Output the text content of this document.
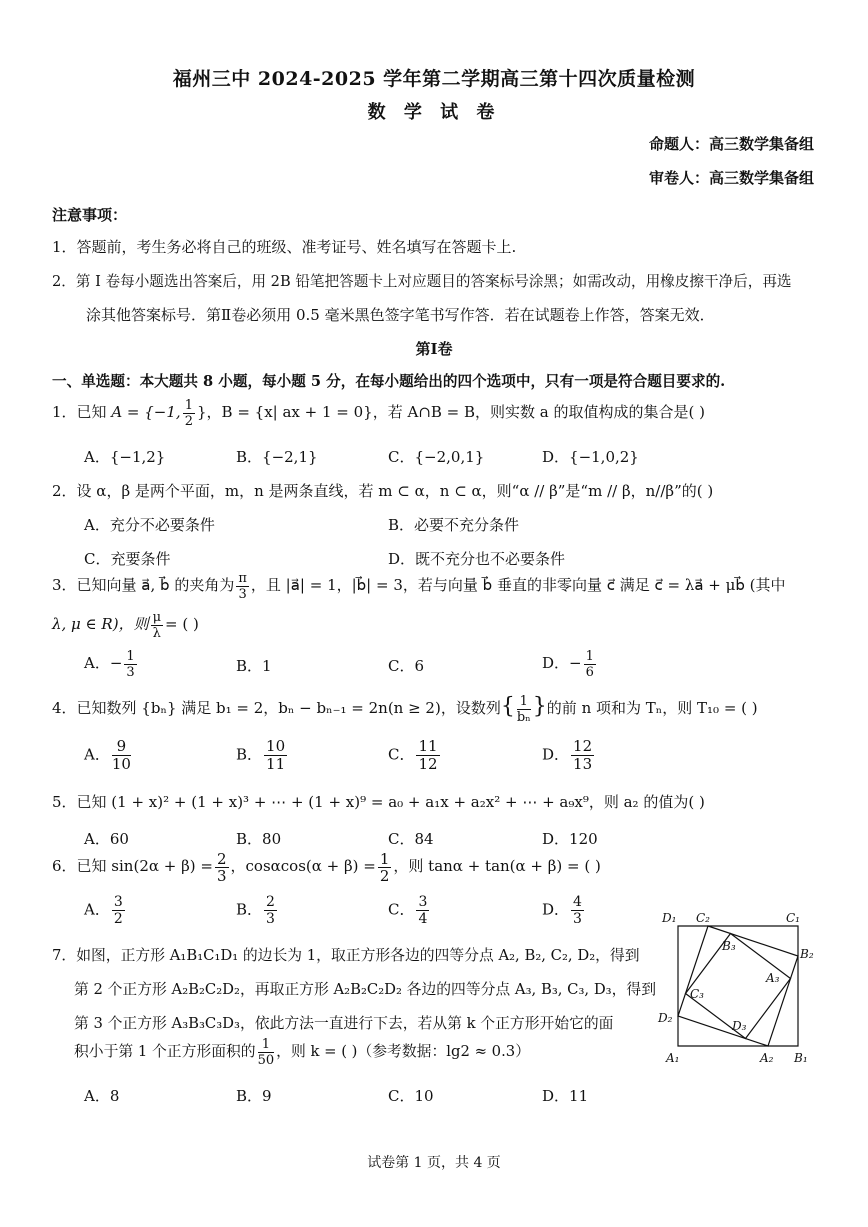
福州三中 2024-2025 学年第二学期高三第十四次质量检测
数 学 试 卷
命题人：高三数学集备组
审卷人：高三数学集备组
注意事项：
1．答题前，考生务必将自己的班级、准考证号、姓名填写在答题卡上.
2．第 Ⅰ 卷每小题选出答案后，用 2B 铅笔把答题卡上对应题目的答案标号涂黑；如需改动，用橡皮擦干净后，再选
涂其他答案标号．第Ⅱ卷必须用 0.5 毫米黑色签字笔书写作答．若在试题卷上作答，答案无效．
第Ⅰ卷
一、单选题：本大题共 8 小题，每小题 5 分，在每小题给出的四个选项中，只有一项是符合题目要求的.
1．已知 A = {−1, $\frac{1}{2}$ }，B = {x| ax + 1 = 0}，若 A∩B = B，则实数 a 的取值构成的集合是( )
A．{−1,2}	B．{−2,1}	C．{−2,0,1}	D．{−1,0,2}
2．设 α，β 是两个平面，m，n 是两条直线，若 m ⊂ α，n ⊂ α，则“α // β”是“m // β，n//β”的( )
A．充分不必要条件	B．必要不充分条件
C．充要条件	D．既不充分也不必要条件
3．已知向量 a⃗, b⃗ 的夹角为 $\frac{\pi}{3}$ ，且 |a⃗| = 1，|b⃗| = 3，若与向量 b⃗ 垂直的非零向量 c⃗ 满足 c⃗ = λa⃗ + μb⃗ (其中
λ, μ ∈ R)，则 $\frac{\mu}{\lambda}$ = ( )
A．− $\frac{1}{3}$	B．1	C．6	D．− $\frac{1}{6}$
4．已知数列 {bₙ} 满足 b₁ = 2，bₙ − bₙ₋₁ = 2n(n ≥ 2)，设数列{ $\frac{1}{\text{bₙ}}$ }的前 n 项和为 Tₙ，则 T₁₀ = ( )
A． $\frac{9}{10}$	B． $\frac{10}{11}$	C． $\frac{11}{12}$	D． $\frac{12}{13}$
5．已知 (1 + x)² + (1 + x)³ + ⋯ + (1 + x)⁹ = a₀ + a₁x + a₂x² + ⋯ + a₉x⁹，则 a₂ 的值为( )
A．60	B．80	C．84	D．120
6．已知 $\sin(2\alpha + \beta) = \frac{2}{3}$ ，$\cos\alpha\cos(\alpha + \beta) = \frac{1}{2}$ ，则 tanα + tan(α + β) = ( )
A． $\frac{3}{2}$	B． $\frac{2}{3}$	C． $\frac{3}{4}$	D． $\frac{4}{3}$
7．如图，正方形 A₁B₁C₁D₁ 的边长为 1，取正方形各边的四等分点 A₂, B₂, C₂, D₂，得到
第 2 个正方形 A₂B₂C₂D₂，再取正方形 A₂B₂C₂D₂ 各边的四等分点 A₃, B₃, C₃, D₃，得到
第 3 个正方形 A₃B₃C₃D₃，依此方法一直进行下去，若从第 k 个正方形开始它的面
积小于第 1 个正方形面积的 $\frac{1}{50}$ ，则 k = ( )（参考数据：lg2 ≈ 0.3）
A．8	B．9	C．10	D．11
D₁ C₂	C₁
B₃
B₂
A₃
C₃
D₂
D₃
A₁	A₂ B₁
试卷第 1 页，共 4 页
